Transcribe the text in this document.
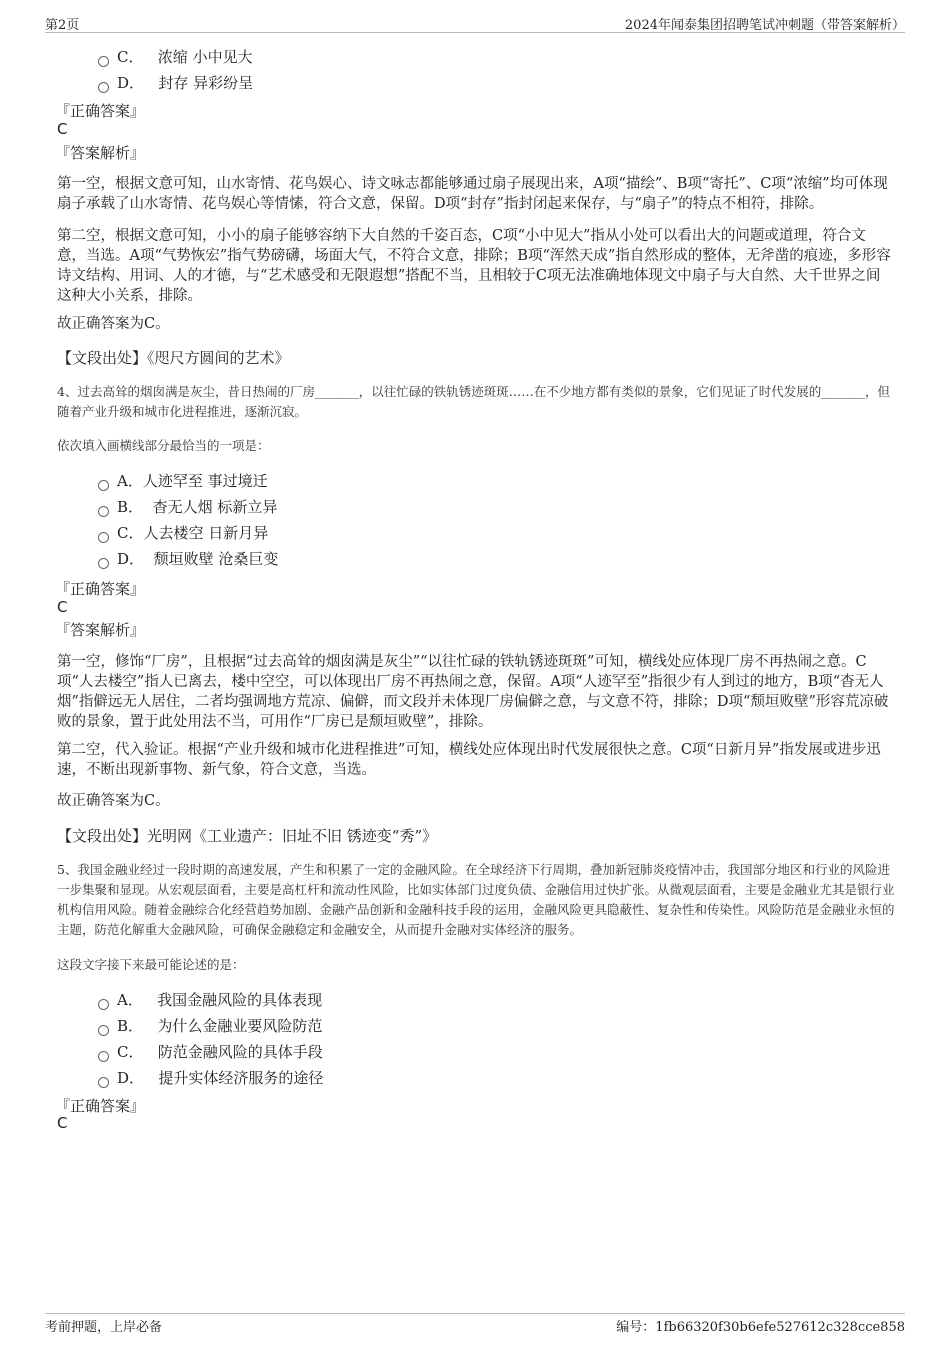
第2页	2024年闻泰集团招聘笔试冲刺题（带答案解析）
C． 浓缩 小中见大
D． 封存 异彩纷呈
『正确答案』
C
『答案解析』
第一空，根据文意可知，山水寄情、花鸟娱心、诗文咏志都能够通过扇子展现出来，A项“描绘”、B项“寄托”、C项“浓缩”均可体现扇子承载了山水寄情、花鸟娱心等情愫，符合文意，保留。D项“封存”指封闭起来保存，与“扇子”的特点不相符，排除。
第二空，根据文意可知，小小的扇子能够容纳下大自然的千姿百态，C项“小中见大”指从小处可以看出大的问题或道理，符合文意，当选。A项“气势恢宏”指气势磅礴，场面大气，不符合文意，排除；B项“浑然天成”指自然形成的整体，无斧凿的痕迹，多形容诗文结构、用词、人的才德，与“艺术感受和无限遐想”搭配不当，且相较于C项无法准确地体现文中扇子与大自然、大千世界之间这种大小关系，排除。
故正确答案为C。
【文段出处】《咫尺方圆间的艺术》
4、过去高耸的烟囱满是灰尘，昔日热闹的厂房_______，以往忙碌的铁轨锈迹斑斑……在不少地方都有类似的景象，它们见证了时代发展的_______，但随着产业升级和城市化进程推进，逐渐沉寂。
依次填入画横线部分最恰当的一项是：
A．人迹罕至 事过境迁
B． 杳无人烟 标新立异
C．人去楼空 日新月异
D． 颓垣败壁 沧桑巨变
『正确答案』
C
『答案解析』
第一空，修饰“厂房”，且根据“过去高耸的烟囱满是灰尘”“以往忙碌的铁轨锈迹斑斑”可知，横线处应体现厂房不再热闹之意。C项“人去楼空”指人已离去，楼中空空，可以体现出厂房不再热闹之意，保留。A项“人迹罕至”指很少有人到过的地方，B项“杳无人烟”指僻远无人居住，二者均强调地方荒凉、偏僻，而文段并未体现厂房偏僻之意，与文意不符，排除；D项“颓垣败壁”形容荒凉破败的景象，置于此处用法不当，可用作“厂房已是颓垣败壁”，排除。
第二空，代入验证。根据“产业升级和城市化进程推进”可知，横线处应体现出时代发展很快之意。C项“日新月异”指发展或进步迅速，不断出现新事物、新气象，符合文意，当选。
故正确答案为C。
【文段出处】光明网《工业遗产：旧址不旧 锈迹变“秀”》
5、我国金融业经过一段时期的高速发展，产生和积累了一定的金融风险。在全球经济下行周期，叠加新冠肺炎疫情冲击，我国部分地区和行业的风险进一步集聚和显现。从宏观层面看，主要是高杠杆和流动性风险，比如实体部门过度负债、金融信用过快扩张。从微观层面看，主要是金融业尤其是银行业机构信用风险。随着金融综合化经营趋势加剧、金融产品创新和金融科技手段的运用，金融风险更具隐蔽性、复杂性和传染性。风险防范是金融业永恒的主题，防范化解重大金融风险，可确保金融稳定和金融安全，从而提升金融对实体经济的服务。
这段文字接下来最可能论述的是：
A． 我国金融风险的具体表现
B． 为什么金融业要风险防范
C． 防范金融风险的具体手段
D． 提升实体经济服务的途径
『正确答案』
C
考前押题，上岸必备	编号：1fb66320f30b6efe527612c328cce858
